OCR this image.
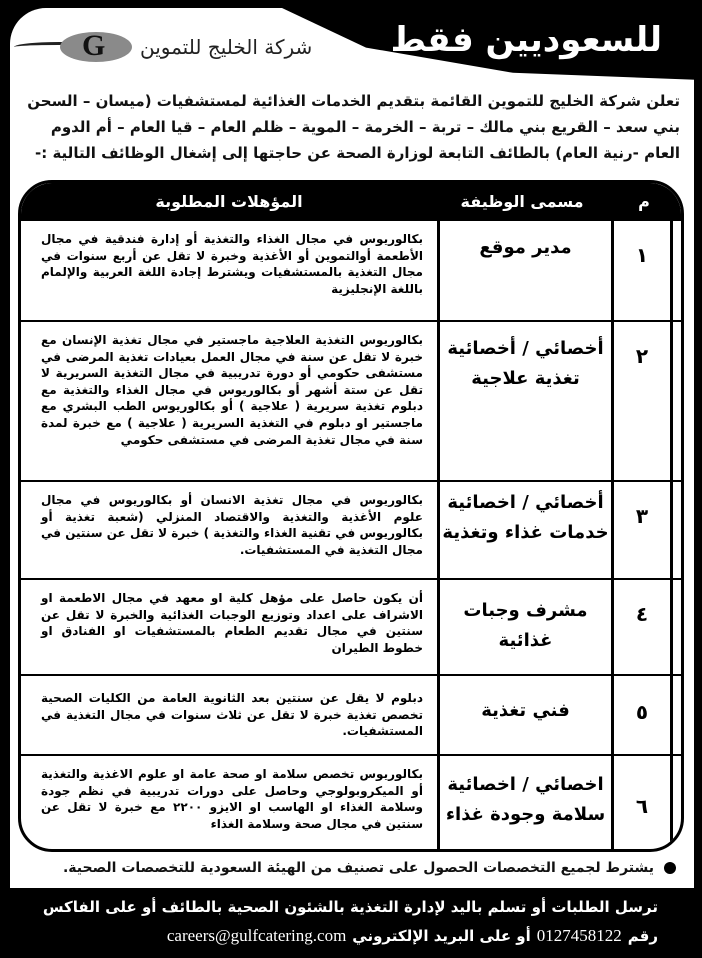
للسعوديين فقط
شركة الخليج للتموين
G

تعلن شركة الخليج للتموين القائمة بتقديم الخدمات الغذائية لمستشفيات (ميسان – السحن بني سعد – القريع بني مالك – تربة – الخرمة – الموية – ظلم العام – قيا العام – أم الدوم العام -رنية العام) بالطائف التابعة لوزارة الصحة عن حاجتها إلى إشغال الوظائف التالية :-

م
مسمى الوظيفة
المؤهلات المطلوبة
١
مدير موقع
بكالوريوس في مجال الغذاء والتغذية أو إدارة فندقية في مجال الأطعمة أوالتموين أو الأغذية وخبرة لا تقل عن أربع سنوات في مجال التغذية بالمستشفيات ويشترط إجادة اللغة العربية والإلمام باللغة الإنجليزية
٢
أخصائي / أخصائية تغذية علاجية
بكالوريوس التغذية العلاجية ماجستير في مجال تغذية الإنسان مع خبرة لا تقل عن سنة في مجال العمل بعيادات تغذية المرضى في مستشفى حكومي أو دورة تدريبية في مجال التغذية السريرية لا تقل عن ستة أشهر أو بكالوريوس في مجال الغذاء والتغذية مع دبلوم تغذية سريرية ( علاجية ) أو بكالوريوس الطب البشري مع ماجستير او دبلوم في التغذية السريرية ( علاجية ) مع خبرة لمدة سنة في مجال تغذية المرضى في مستشفى حكومي
٣
أخصائي / اخصائية خدمات غذاء وتغذية
بكالوريوس في مجال تغذية الانسان أو بكالوريوس في مجال علوم الأغذية والتغذية والاقتصاد المنزلي (شعبة تغذية أو بكالوريوس في تقنية الغذاء والتغذية ) خبرة لا تقل عن سنتين في مجال التغذية في المستشفيات.
٤
مشرف وجبات غذائية
أن يكون حاصل على مؤهل كلية او معهد في مجال الاطعمة او الاشراف على اعداد وتوزيع الوجبات الغذائية والخبرة لا تقل عن سنتين في مجال تقديم الطعام بالمستشفيات او الفنادق او خطوط الطيران
٥
فني تغذية
دبلوم لا يقل عن سنتين بعد الثانوية العامة من الكليات الصحية تخصص تغذية خبرة لا تقل عن ثلاث سنوات في مجال التغذية في المستشفيات.
٦
اخصائي / اخصائية سلامة وجودة غذاء
بكالوريوس تخصص سلامة او صحة عامة او علوم الاغذية والتغذية أو الميكروبولوجي وحاصل على دورات تدريبية في نظم جودة وسلامة الغذاء او الهاسب او الايزو ٢٢٠٠ مع خبرة لا تقل عن سنتين في مجال صحة وسلامة الغذاء
يشترط لجميع التخصصات الحصول على تصنيف من الهيئة السعودية للتخصصات الصحية.
ترسل الطلبات أو تسلم باليد لإدارة التغذية بالشئون الصحية بالطائف أو على الفاكس
رقم
0127458122
أو على البريد الإلكتروني
careers@gulfcatering.com
